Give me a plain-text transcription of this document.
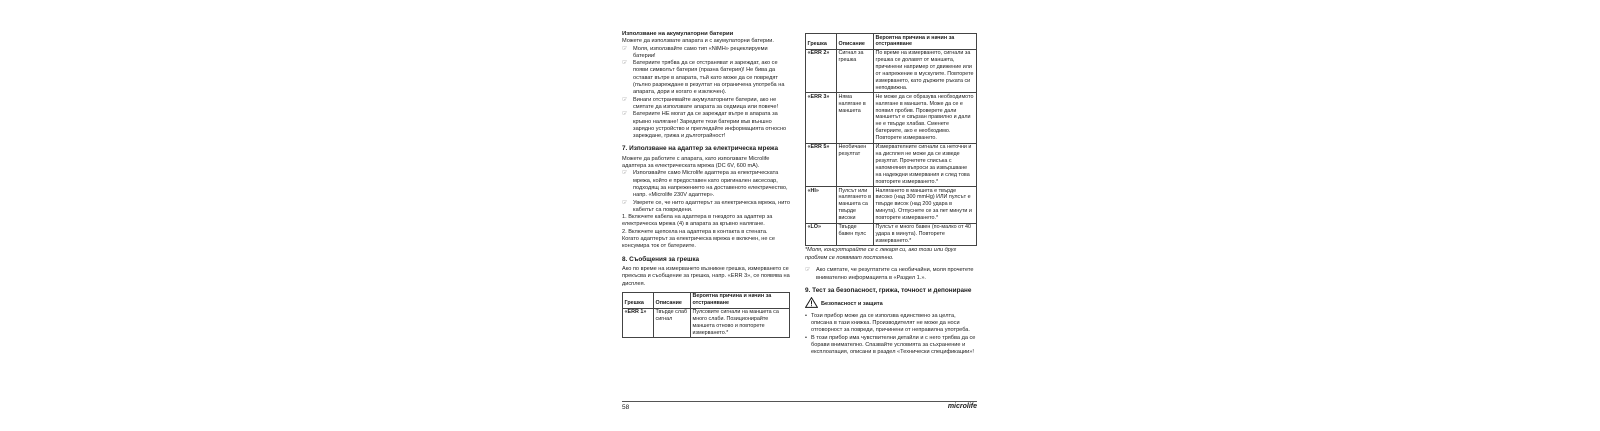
Използване на акумулаторни батерии

Можете да използвате апарата и с акумулаторни батерии.

☞	Моля, използвайте само тип «NiMH» рецеклируеми батерии!
☞	Батериите трябва да се отстраняват и зареждат, ако се появи символът батерия (празна батерия)! Не бива да остават вътре в апарата, тъй като може да се повредят (пълно разреждане в резултат на ограничена употреба на апарата, дори и когато е изключен).
☞	Винаги отстранявайте акумулаторните батерии, ако не смятате да използвате апарата за седмица или повече!
☞	Батериите НЕ могат да се зареждат вътре в апарата за кръвно налягане! Заредете тези батерии във външно зарядно устройство и прегледайте информацията относно зареждане, грижа и дълготрайност!
7. Използване на адаптер за електрическа мрежа

Можете да работите с апарата, като използвате Microlife адаптера за електрическата мрежа (DC 6V, 600 mA).

☞	Използвайте само Microlife адаптера за електрическата мрежа, който е предоставен като оригинален аксесоар, подходящ за напрежението на доставеното електричество, напр. «Microlife 230V адаптер».
☞	Уверете се, че нито адаптерът за електрическа мрежа, нито кабелът са повредени.

1. Включете кабела на адаптера в гнездото за адаптер за електрическа мрежа (4) в апарата за кръвно налягане.

2. Включете щепсела на адаптера в контакта в стената.

Когато адаптерът за електрическа мрежа е включен, не се консумира ток от батериите.

8. Съобщения за грешка

Ако по време на измерването възникне грешка, измерването се прекъсва и съобщение за грешка, напр. «ERR 3», се появява на дисплея.

Грешка	Описание	Вероятна причина и начин за отстраняване
«ERR 1»	Твърде слаб сигнал	Пулсовите сигнали на маншета са много слаби. Позиционирайте маншета отново и повторете измерването.*
Грешка	Описание	Вероятна причина и начин за отстраняване
«ERR 2»	Сигнал за грешка	По време на измерването, сигнали за грешка се долавят от маншета, причинени например от движение или от напрежение в мускулите. Повторете измерването, като държите ръката си неподвижна.
«ERR 3»	Няма налягане в маншета	Не може да се образува необходимото налягане в маншета. Може да се е появил пробив. Проверете дали маншетът е свързан правилно и дали не е твърде хлабав. Сменете батериите, ако е необходимо. Повторете измерването.
«ERR 5»	Необичаен резултат	Измервателните сигнали са неточни и на дисплея не може да се изведе резултат. Прочетете списъка с напомняния въпроси за извършване на надеждни измервания и след това повторете измерването.*
«HI»	Пулсът или налягането в маншета са твърде високи	Налягането в маншета е твърде високо (над 300 mmHg) ИЛИ пулсът е твърде висок (над 200 удара в минута). Отпуснете се за пет минути и повторете измерването.*
«LO»	Твърде бавен пулс	Пулсът е много бавен (по-малко от 40 удара в минута). Повторете измерването.*

*Моля, консултирайте се с лекаря си, ако този или друг проблем се появяват постоянно.

☞	Ако смятате, че резултатите са необичайни, моля прочетете внимателно информацията в «Раздел 1.».
9. Тест за безопасност, грижа, точност и депониране
Безопасност и защита
• Този прибор може да се използва единствено за целта, описана в тази книжка. Производителят не може да носи отговорност за повреди, причинени от неправилна употреба.
• В този прибор има чувствителни детайли и с него трябва да се борави внимателно. Спазвайте условията за съхранение и експлоатация, описани в раздел «Технически спецификации»!
58	microlife
